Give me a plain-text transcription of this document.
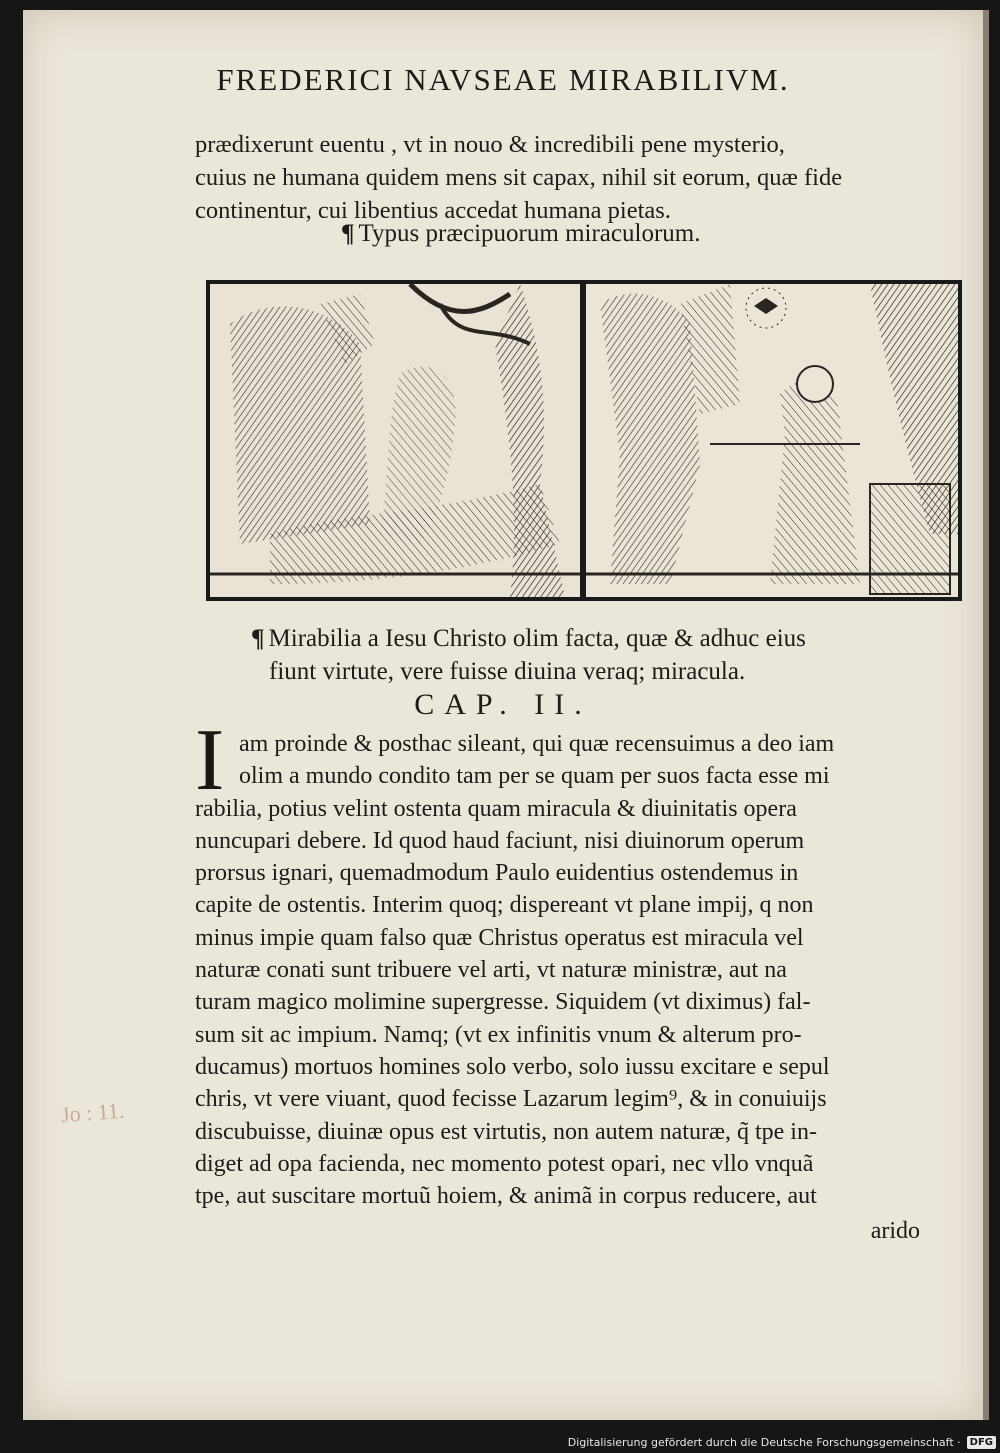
FREDERICI NAVSEAE MIRABILIVM.

prædixerunt euentu , vt in nouo & incredibili pene mysterio,

cuius ne humana quidem mens sit capax, nihil sit eorum, quæ fide

continentur, cui libentius accedat humana pietas.

¶ Typus præcipuorum miraculorum.
¶ Mirabilia a Iesu Christo olim facta, quæ & adhuc eius
fiunt virtute, vere fuisse diuina veraq; miracula.
CAP. II.
I am proinde & posthac sileant, qui quæ recensuimus a deo iam

olim a mundo condito tam per se quam per suos facta esse mi

rabilia, potius velint ostenta quam miracula & diuinitatis opera

nuncupari debere. Id quod haud faciunt, nisi diuinorum operum

prorsus ignari, quemadmodum Paulo euidentius ostendemus in

capite de ostentis. Interim quoq; dispereant vt plane impij, q non

minus impie quam falso quæ Christus operatus est miracula vel

naturæ conati sunt tribuere vel arti, vt naturæ ministræ, aut na

turam magico molimine supergresse. Siquidem (vt diximus) fal-

sum sit ac impium. Namq; (vt ex infinitis vnum & alterum pro-

ducamus) mortuos homines solo verbo, solo iussu excitare e sepul

chris, vt vere viuant, quod fecisse Lazarum legim⁹, & in conuiuijs

discubuisse, diuinæ opus est virtutis, non autem naturæ, q̃ tpe in-

diget ad opa facienda, nec momento potest opari, nec vllo vnquã

tpe, aut suscitare mortuũ hoiem, & animã in corpus reducere, aut

arido
Jo : 11.
Digitalisierung gefördert durch die Deutsche Forschungsgemeinschaft · DFG
